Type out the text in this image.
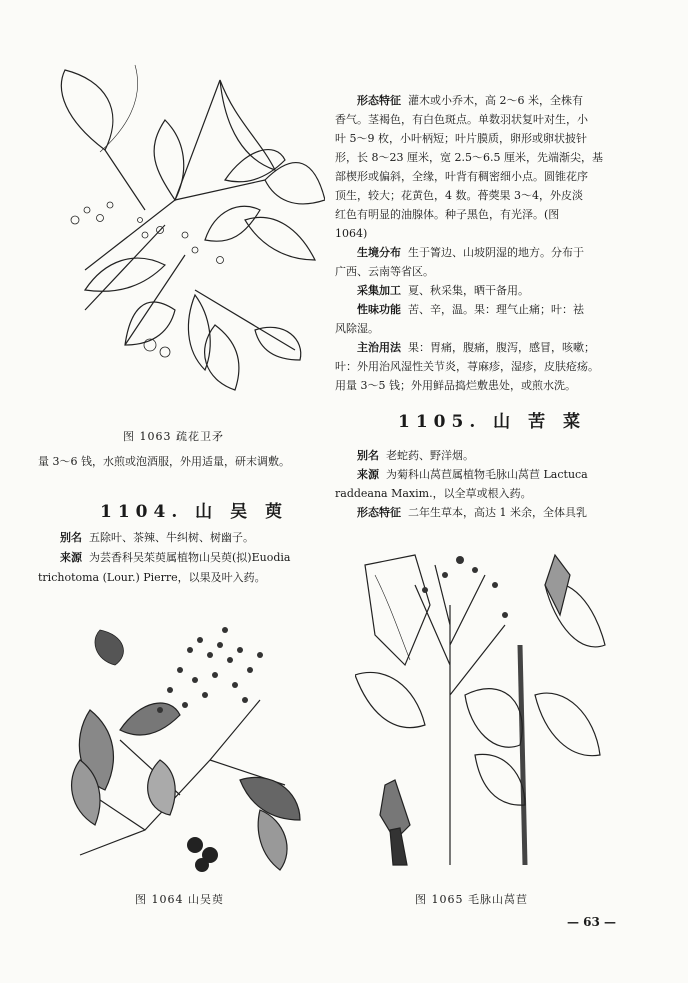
图 1063 疏花卫矛
量 3～6 钱，水煎或泡酒服，外用适量，研末调敷。
1104. 山 吴 萸
别名 五除叶、茶辣、牛纠树、树幽子。
来源 为芸香科吴茱萸属植物山吴萸(拟)Euodia
trichotoma (Lour.) Pierre，以果及叶入药。
图 1064 山吴萸
形态特征 灌木或小乔木，高 2～6 米，全株有
香气。茎褐色，有白色斑点。单数羽状复叶对生，小
叶 5～9 枚，小叶柄短；叶片膜质，卵形或卵状披针
形，长 8～23 厘米，宽 2.5～6.5 厘米，先端渐尖，基
部楔形或偏斜，全缘，叶背有稠密细小点。圆锥花序
顶生，较大；花黄色，4 数。蓇葖果 3～4，外皮淡
红色有明显的油腺体。种子黑色，有光泽。(图
1064)
生境分布 生于箐边、山坡阴湿的地方。分布于
广西、云南等省区。
采集加工 夏、秋采集，晒干备用。
性味功能 苦、辛，温。果：理气止痛；叶：祛
风除湿。
主治用法 果：胃痛，腹痛，腹泻，感冒，咳嗽；
叶：外用治风湿性关节炎，荨麻疹，湿疹，皮肤疮疡。
用量 3～5 钱；外用鲜品捣烂敷患处，或煎水洗。
1105. 山 苦 菜
别名 老蛇药、野洋烟。
来源 为菊科山莴苣属植物毛脉山莴苣 Lactuca
raddeana Maxim.，以全草或根入药。
形态特征 二年生草本，高达 1 米余，全体具乳
图 1065 毛脉山莴苣
— 63 —
